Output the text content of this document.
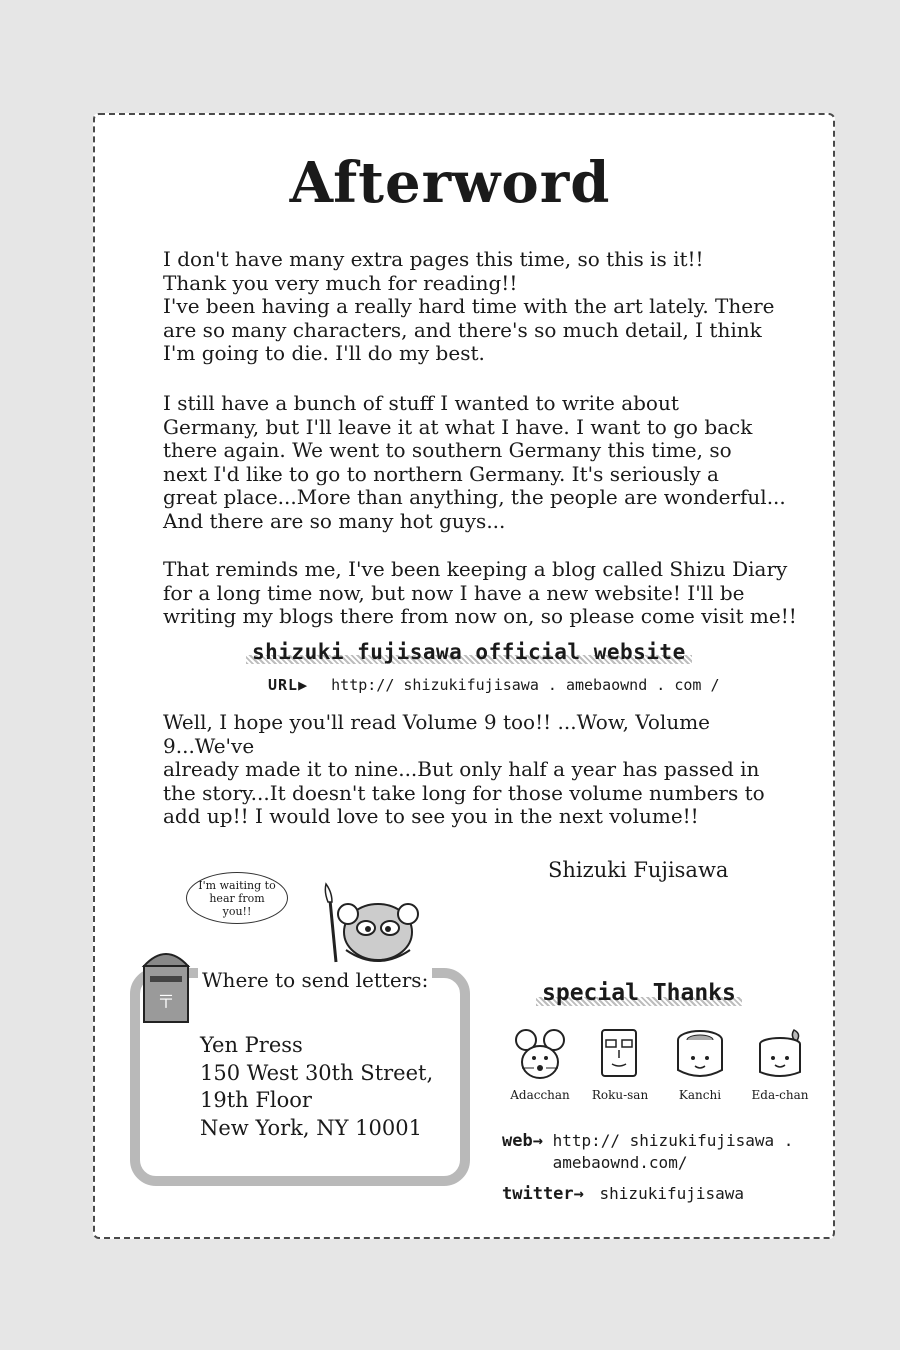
Afterword

I don't have many extra pages this time, so this is it!!
Thank you very much for reading!!
I've been having a really hard time with the art lately. There
are so many characters, and there's so much detail, I think
I'm going to die. I'll do my best.

I still have a bunch of stuff I wanted to write about
Germany, but I'll leave it at what I have. I want to go back
there again. We went to southern Germany this time, so
next I'd like to go to northern Germany. It's seriously a
great place...More than anything, the people are wonderful...
And there are so many hot guys...

That reminds me, I've been keeping a blog called Shizu Diary
for a long time now, but now I have a new website! I'll be
writing my blogs there from now on, so please come visit me!!

shizuki fujisawa official website
URL▶ http:// shizukifujisawa . amebaownd . com /

Well, I hope you'll read Volume 9 too!! ...Wow, Volume 9...We've
already made it to nine...But only half a year has passed in
the story...It doesn't take long for those volume numbers to
add up!! I would love to see you in the next volume!!

Shizuki Fujisawa
I'm waiting to
hear from you!!
〒
Where to send letters:
Yen Press
150 West 30th Street,
19th Floor
New York, NY 10001
special Thanks
Adacchan	Roku-san	Kanchi	Eda-chan
web→ http:// shizukifujisawa .
amebaownd.com/
twitter→ shizukifujisawa
